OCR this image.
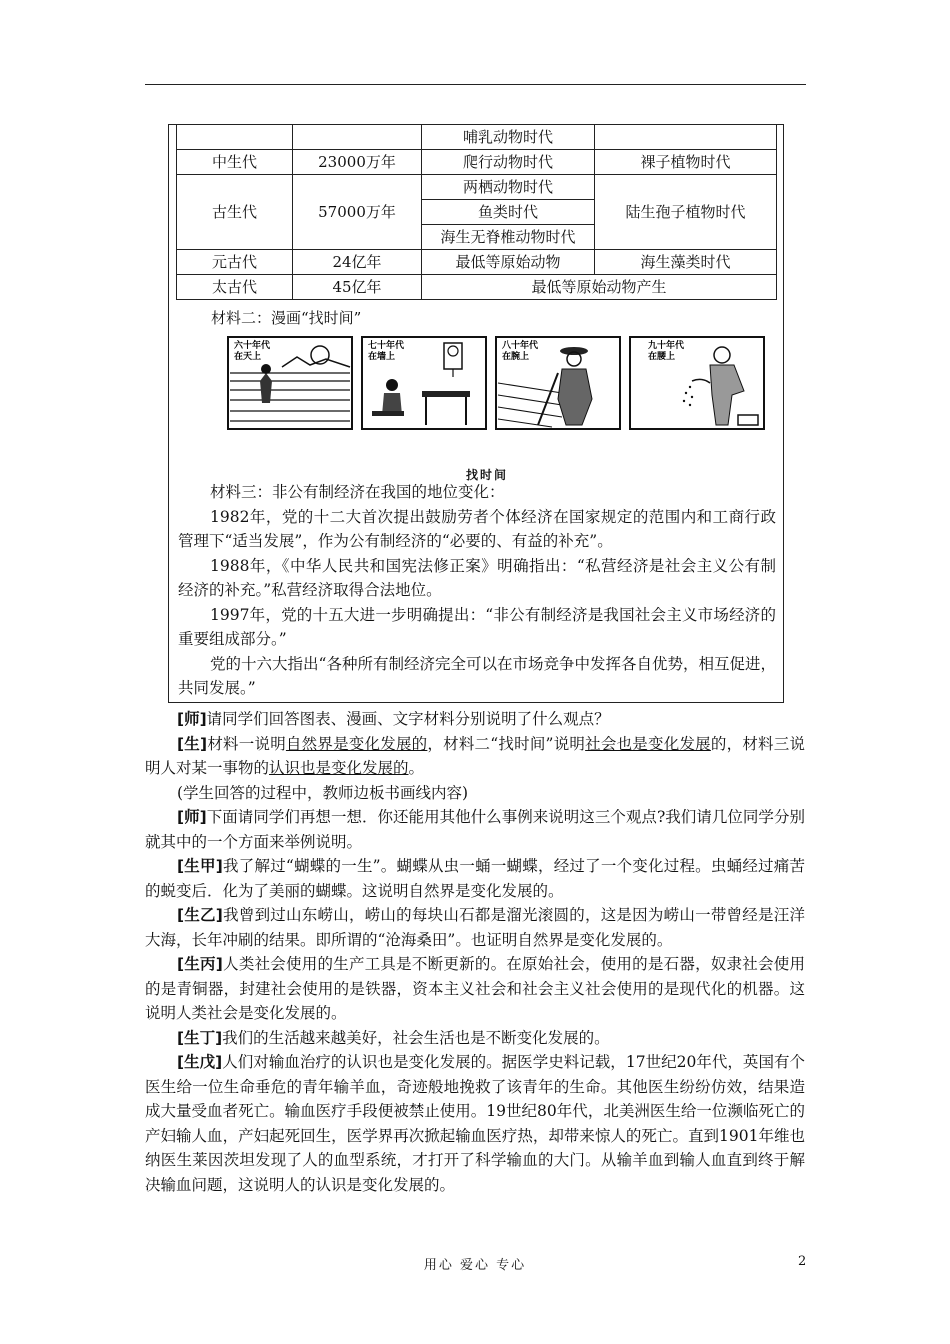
		哺乳动物时代	
中生代	23000万年	爬行动物时代	裸子植物时代
古生代	57000万年	两栖动物时代	陆生孢子植物时代
		鱼类时代	
		海生无脊椎动物时代	
元古代	24亿年	最低等原始动物	海生藻类时代
太古代	45亿年	最低等原始动物产生	
材料二：漫画“找时间”
六十年代
在天上
七十年代
在墙上
八十年代
在腕上
九十年代
在腰上
找时间

材料三：非公有制经济在我国的地位变化：

1982年，党的十二大首次提出鼓励劳者个体经济在国家规定的范围内和工商行政管理下“适当发展”，作为公有制经济的“必要的、有益的补充”。

1988年，《中华人民共和国宪法修正案》明确指出：“私营经济是社会主义公有制经济的补充。”私营经济取得合法地位。

1997年，党的十五大进一步明确提出：“非公有制经济是我国社会主义市场经济的重要组成部分。”

党的十六大指出“各种所有制经济完全可以在市场竞争中发挥各自优势，相互促进，共同发展。”

[师]请同学们回答图表、漫画、文字材料分别说明了什么观点？

[生]材料一说明自然界是变化发展的，材料二“找时间”说明社会也是变化发展的，材料三说明人对某一事物的认识也是变化发展的。

(学生回答的过程中，教师边板书画线内容)

[师]下面请同学们再想一想．你还能用其他什么事例来说明这三个观点?我们请几位同学分别就其中的一个方面来举例说明。

[生甲]我了解过“蝴蝶的一生”。蝴蝶从虫一蛹一蝴蝶，经过了一个变化过程。虫蛹经过痛苦的蜕变后．化为了美丽的蝴蝶。这说明自然界是变化发展的。

[生乙]我曾到过山东崂山，崂山的每块山石都是溜光滚圆的，这是因为崂山一带曾经是汪洋大海，长年冲刷的结果。即所谓的“沧海桑田”。也证明自然界是变化发展的。

[生丙]人类社会使用的生产工具是不断更新的。在原始社会，使用的是石器，奴隶社会使用的是青铜器，封建社会使用的是铁器，资本主义社会和社会主义社会使用的是现代化的机器。这说明人类社会是变化发展的。

[生丁]我们的生活越来越美好，社会生活也是不断变化发展的。

[生戊]人们对输血治疗的认识也是变化发展的。据医学史料记载，17世纪20年代，英国有个医生给一位生命垂危的青年输羊血，奇迹般地挽救了该青年的生命。其他医生纷纷仿效，结果造成大量受血者死亡。输血医疗手段便被禁止使用。19世纪80年代，北美洲医生给一位濒临死亡的产妇输人血，产妇起死回生，医学界再次掀起输血医疗热，却带来惊人的死亡。直到1901年维也纳医生莱因茨坦发现了人的血型系统，才打开了科学输血的大门。从输羊血到输人血直到终于解决输血问题，这说明人的认识是变化发展的。

用心 爱心 专心	2
